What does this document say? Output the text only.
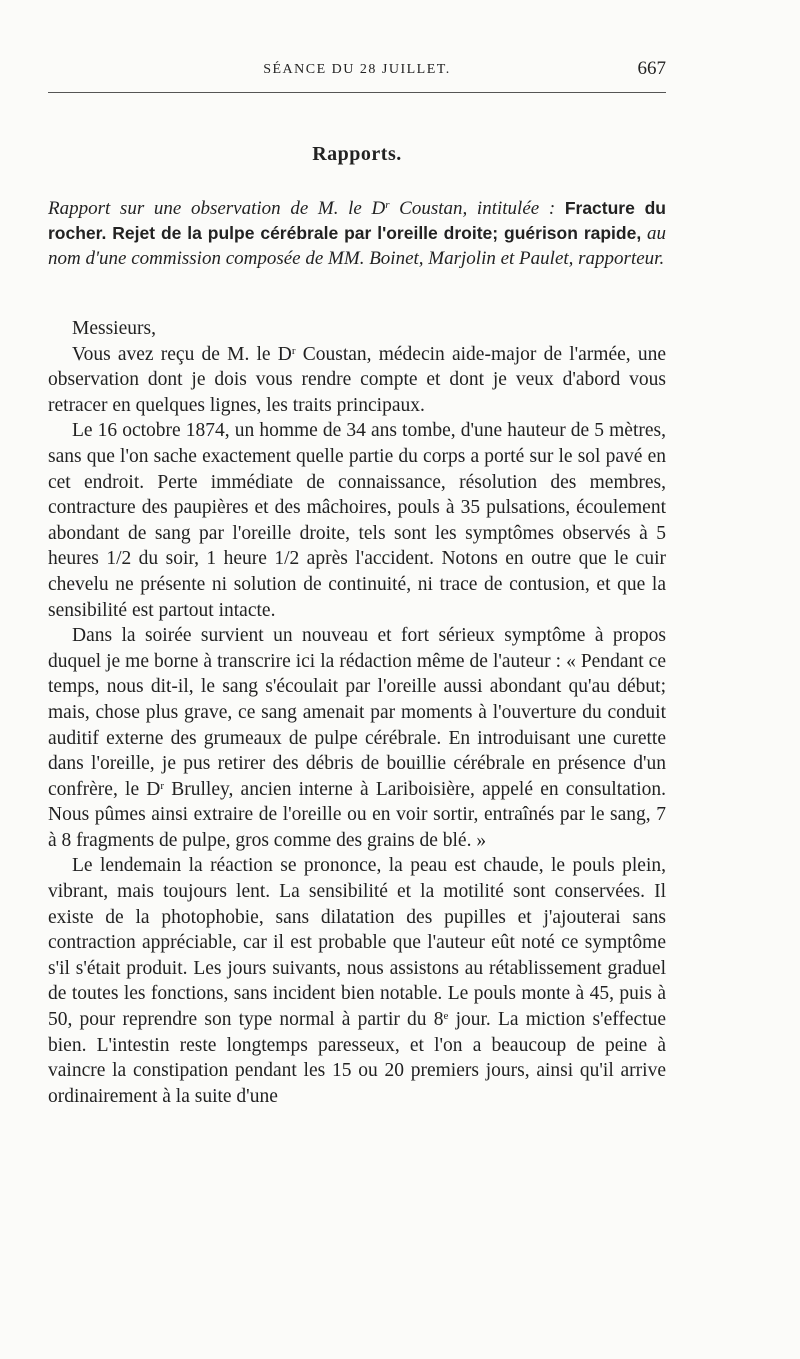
SÉANCE DU 28 JUILLET.	667
Rapports.
Rapport sur une observation de M. le $D^r$ Coustan, intitulée : Fracture du rocher. Rejet de la pulpe cérébrale par l'oreille droite; guérison rapide, au nom d'une commission composée de MM. Boinet, Marjolin et Paulet, rapporteur.

Messieurs,

Vous avez reçu de M. le $D^r$ Coustan, médecin aide-major de l'armée, une observation dont je dois vous rendre compte et dont je veux d'abord vous retracer en quelques lignes, les traits principaux.

Le 16 octobre 1874, un homme de 34 ans tombe, d'une hauteur de 5 mètres, sans que l'on sache exactement quelle partie du corps a porté sur le sol pavé en cet endroit. Perte immédiate de connaissance, résolution des membres, contracture des paupières et des mâchoires, pouls à 35 pulsations, écoulement abondant de sang par l'oreille droite, tels sont les symptômes observés à 5 heures 1/2 du soir, 1 heure 1/2 après l'accident. Notons en outre que le cuir chevelu ne présente ni solution de continuité, ni trace de contusion, et que la sensibilité est partout intacte.

Dans la soirée survient un nouveau et fort sérieux symptôme à propos duquel je me borne à transcrire ici la rédaction même de l'auteur : « Pendant ce temps, nous dit-il, le sang s'écoulait par l'oreille aussi abondant qu'au début; mais, chose plus grave, ce sang amenait par moments à l'ouverture du conduit auditif externe des grumeaux de pulpe cérébrale. En introduisant une curette dans l'oreille, je pus retirer des débris de bouillie cérébrale en présence d'un confrère, le $D^r$ Brulley, ancien interne à Lariboisière, appelé en consultation. Nous pûmes ainsi extraire de l'oreille ou en voir sortir, entraînés par le sang, 7 à 8 fragments de pulpe, gros comme des grains de blé. »

Le lendemain la réaction se prononce, la peau est chaude, le pouls plein, vibrant, mais toujours lent. La sensibilité et la motilité sont conservées. Il existe de la photophobie, sans dilatation des pupilles et j'ajouterai sans contraction appréciable, car il est probable que l'auteur eût noté ce symptôme s'il s'était produit. Les jours suivants, nous assistons au rétablissement graduel de toutes les fonctions, sans incident bien notable. Le pouls monte à 45, puis à 50, pour reprendre son type normal à partir du 8e jour. La miction s'effectue bien. L'intestin reste longtemps paresseux, et l'on a beaucoup de peine à vaincre la constipation pendant les 15 ou 20 premiers jours, ainsi qu'il arrive ordinairement à la suite d'une
